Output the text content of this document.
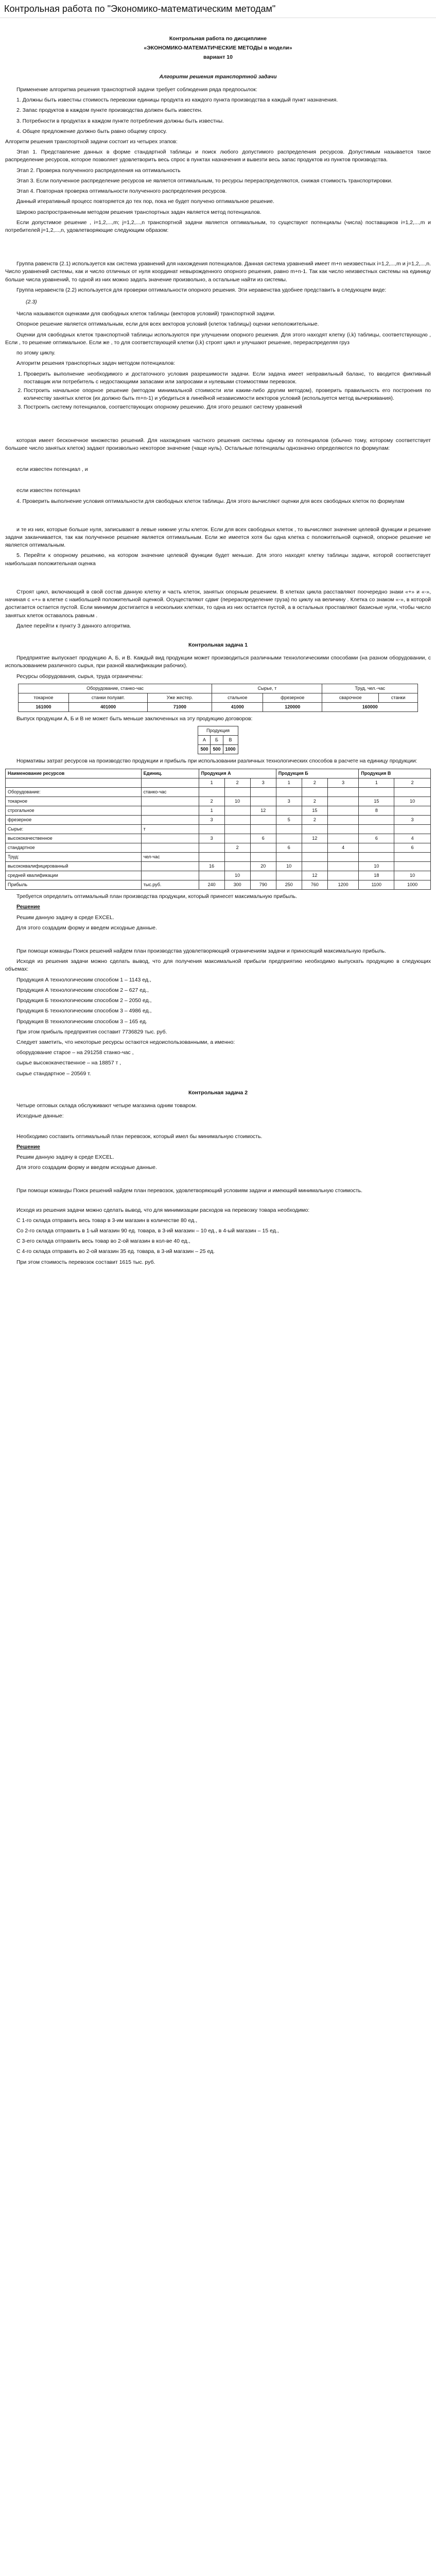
Контрольная работа по "Экономико-математическим методам"

Контрольная работа по дисциплине

«ЭКОНОМИКО-МАТЕМАТИЧЕСКИЕ МЕТОДЫ в модели»

вариант 10

Алгоритм решения транспортной задачи

Применение алгоритма решения транспортной задачи требует соблюдения ряда предпосылок:

1. Должны быть известны стоимость перевозки единицы продукта из каждого пункта производства в каждый пункт назначения.

2. Запас продуктов в каждом пункте производства должен быть известен.

3. Потребности в продуктах в каждом пункте потребления должны быть известны.

4. Общее предложение должно быть равно общему спросу.

Алгоритм решения транспортной задачи состоит из четырех этапов:

Этап 1. Представление данных в форме стандартной таблицы и поиск любого допустимого распределения ресурсов. Допустимым называется такое распределение ресурсов, которое позволяет удовлетворить весь спрос в пунктах назначения и вывезти весь запас продуктов из пунктов производства.

Этап 2. Проверка полученного распределения на оптимальность

Этап 3. Если полученное распределение ресурсов не является оптимальным, то ресурсы перераспределяются, снижая стоимость транспортировки.

Этап 4. Повторная проверка оптимальности полученного распределения ресурсов.

Данный итеративный процесс повторяется до тех пор, пока не будет получено оптимальное решение.

Широко распространенным методом решения транспортных задач является метод потенциалов.

Если допустимое решение , i=1,2,...,m; j=1,2,...,n транспортной задачи является оптимальным, то существуют потенциалы (числа) поставщиков i=1,2,...,m и потребителей j=1,2,...,n, удовлетворяющие следующим образом:

Группа равенств (2.1) используется как система уравнений для нахождения потенциалов. Данная система уравнений имеет m+n неизвестных i=1,2,...,m и j=1,2,...,n. Число уравнений системы, как и число отличных от нуля координат невырожденного опорного решения, равно m+n-1. Так как число неизвестных системы на единицу больше числа уравнений, то одной из них можно задать значение произвольно, а остальные найти из системы.

Группа неравенств (2.2) используется для проверки оптимальности опорного решения. Эти неравенства удобнее представить в следующем виде:

(2.3)

Числа называются оценками для свободных клеток таблицы (векторов условий) транспортной задачи.

Опорное решение является оптимальным, если для всех векторов условий (клеток таблицы) оценки неположительные.

Оценки для свободных клеток транспортной таблицы используются при улучшении опорного решения. Для этого находят клетку (i,k) таблицы, соответствующую , Если , то решение оптимальное. Если же , то для соответствующей клетки (i,k) строят цикл и улучшают решение, перераспределяя груз

по этому циклу.

Алгоритм решения транспортных задач методом потенциалов:

1. Проверить выполнение необходимого и достаточного условия разрешимости задачи. Если задача имеет неправильный баланс, то вводится фиктивный поставщик или потребитель с недостающими запасами или запросами и нулевыми стоимостями перевозок.
2. Построить начальное опорное решение (методом минимальной стоимости или каким-либо другим методом), проверить правильность его построения по количеству занятых клеток (их должно быть m+n-1) и убедиться в линейной независимости векторов условий (используется метод вычеркивания).
3. Построить систему потенциалов, соответствующих опорному решению. Для этого решают систему уравнений

которая имеет бесконечное множество решений. Для нахождения частного решения системы одному из потенциалов (обычно тому, которому соответствует большее число занятых клеток) задают произвольно некоторое значение (чаще нуль). Остальные потенциалы однозначно определяются по формулам:

если известен потенциал , и

если известен потенциал

4. Проверить выполнение условия оптимальности для свободных клеток таблицы. Для этого вычисляют оценки для всех свободных клеток по формулам

и те из них, которые больше нуля, записывают в левые нижние углы клеток. Если для всех свободных клеток , то вычисляют значение целевой функции и решение задачи заканчивается, так как полученное решение является оптимальным. Если же имеется хотя бы одна клетка с положительной оценкой, опорное решение не является оптимальным.

5. Перейти к опорному решению, на котором значение целевой функции будет меньше. Для этого находят клетку таблицы задачи, которой соответствует наибольшая положительная оценка

Строят цикл, включающий в свой состав данную клетку и часть клеток, занятых опорным решением. В клетках цикла расставляют поочередно знаки «+» и «-», начиная с «+» в клетке с наибольшей положительной оценкой. Осуществляют сдвиг (перераспределение груза) по циклу на величину . Клетка со знаком «-», в которой достигается остается пустой. Если минимум достигается в нескольких клетках, то одна из них остается пустой, а в остальных проставляют базисные нули, чтобы число занятых клеток оставалось равным .

Далее перейти к пункту 3 данного алгоритма.

Контрольная задача 1

Предприятие выпускает продукцию А, Б, и В. Каждый вид продукции может производиться различными технологическими способами (на разном оборудовании, с использованием различного сырья, при разной квалификации рабочих).

Ресурсы оборудования, сырья, труда ограничены:

Оборудование, станко-час			Сырье, т		Труд, чел.-час	
токарное	станки полуавт.	Уже жестер.	стальное	фрезерное	сварочное	станки
161000	401000	71000	41000	120000	160000	

Выпуск продукции А, Б и В не может быть меньше заключенных на эту продукцию договоров:

Продукция		
А	Б	В
500	500	1000

Нормативы затрат ресурсов на производство продукции и прибыль при использовании различных технологических способов в расчете на единицу продукции:

Наименование ресурсов	Единиц.	Продукция А			Продукция Б			Продукция В	
		1	2	3	1	2	3	1	2
Оборудование:	станко-час								
токарное		2	10		3	2		15	10
строгальное		1		12		15		8	
фрезерное		3			5	2			3
Сырье:	т								
высококачественное		3		6		12		6	4
стандартное			2		6		4		6
Труд:	чел-час								
высококвалифицированный		16		20	10			10	
средней квалификации			10			12		18	10
Прибыль	тыс.руб.	240	300	790	250	760	1200	1100	1000

Требуется определить оптимальный план производства продукции, который принесет максимальную прибыль.

Решение

Решим данную задачу в среде EXCEL.

Для этого создадим форму и введем исходные данные.

При помощи команды Поиск решений найдем план производства удовлетворяющий ограничениям задачи и приносящий максимальную прибыль.

Исходя из решения задачи можно сделать вывод, что для получения максимальной прибыли предприятию необходимо выпускать продукцию в следующих объемах:

Продукция А технологическим способом 1 – 1143 ед.,

Продукция А технологическим способом 2 – 627 ед.,

Продукция Б технологическим способом 2 – 2050 ед.,

Продукция Б технологическим способом 3 – 4986 ед.,

Продукция В технологическим способом 3 – 165 ед.

При этом прибыль предприятия составит 7736829 тыс. руб.

Следует заметить, что некоторые ресурсы остаются недоиспользованными, а именно:

оборудование старое – на 291258 станко-час ,

сырье высококачественное – на 18857 т ,

сырье стандартное – 20569 т.

Контрольная задача 2

Четыре оптовых склада обслуживают четыре магазина одним товаром.

Исходные данные:

Необходимо составить оптимальный план перевозок, который имел бы минимальную стоимость.

Решение

Решим данную задачу в среде EXCEL.

Для этого создадим форму и введем исходные данные.

При помощи команды Поиск решений найдем план перевозок, удовлетворяющий условиям задачи и имеющий минимальную стоимость.

Исходя из решения задачи можно сделать вывод, что для минимизации расходов на перевозку товара необходимо:

С 1-го склада отправить весь товар в 3-им магазин в количестве 80 ед.,

Со 2-го склада отправить в 1-ый магазин 90 ед. товара, в 3-ий магазин – 10 ед., в 4-ый магазин – 15 ед.,

С 3-его склада отправить весь товар во 2-ой магазин в кол-ве 40 ед.,

С 4-го склада отправить во 2-ой магазин 35 ед. товара, в 3-ий магазин – 25 ед.

При этом стоимость перевозок составит 1615 тыс. руб.
